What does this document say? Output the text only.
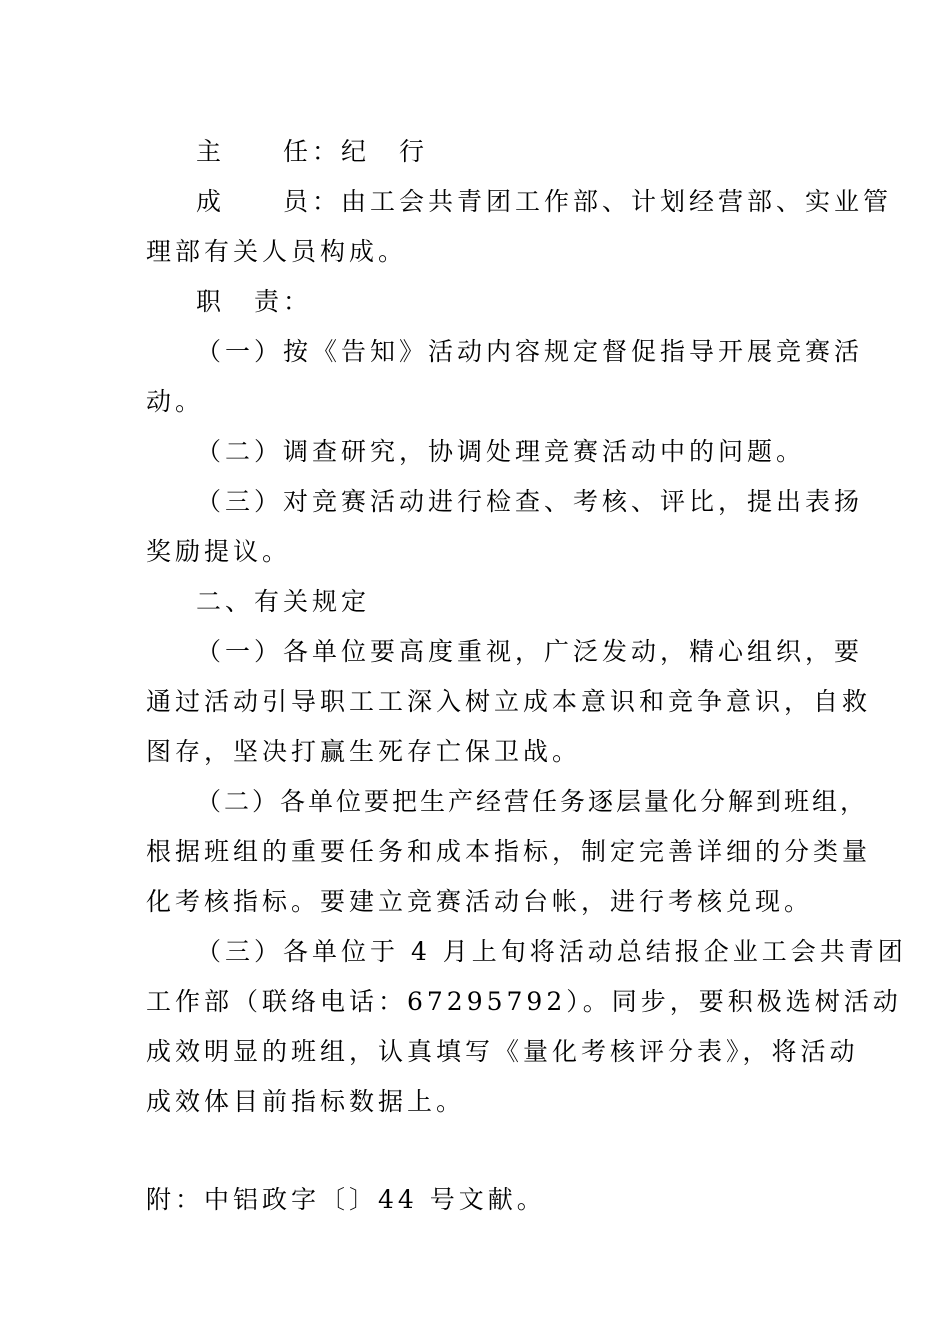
主　　任：纪　行
成　　员：由工会共青团工作部、计划经营部、实业管
理部有关人员构成。
职　责：
（一）按《告知》活动内容规定督促指导开展竞赛活
动。
（二）调查研究，协调处理竞赛活动中的问题。
（三）对竞赛活动进行检查、考核、评比，提出表扬
奖励提议。
二、有关规定
（一）各单位要高度重视，广泛发动，精心组织，要
通过活动引导职工工深入树立成本意识和竞争意识，自救
图存，坚决打赢生死存亡保卫战。
（二）各单位要把生产经营任务逐层量化分解到班组，
根据班组的重要任务和成本指标，制定完善详细的分类量
化考核指标。要建立竞赛活动台帐，进行考核兑现。
（三）各单位于 4 月上旬将活动总结报企业工会共青团
工作部（联络电话：67295792）。同步，要积极选树活动
成效明显的班组，认真填写《量化考核评分表》，将活动
成效体目前指标数据上。
附：中铝政字〔〕44 号文献。
